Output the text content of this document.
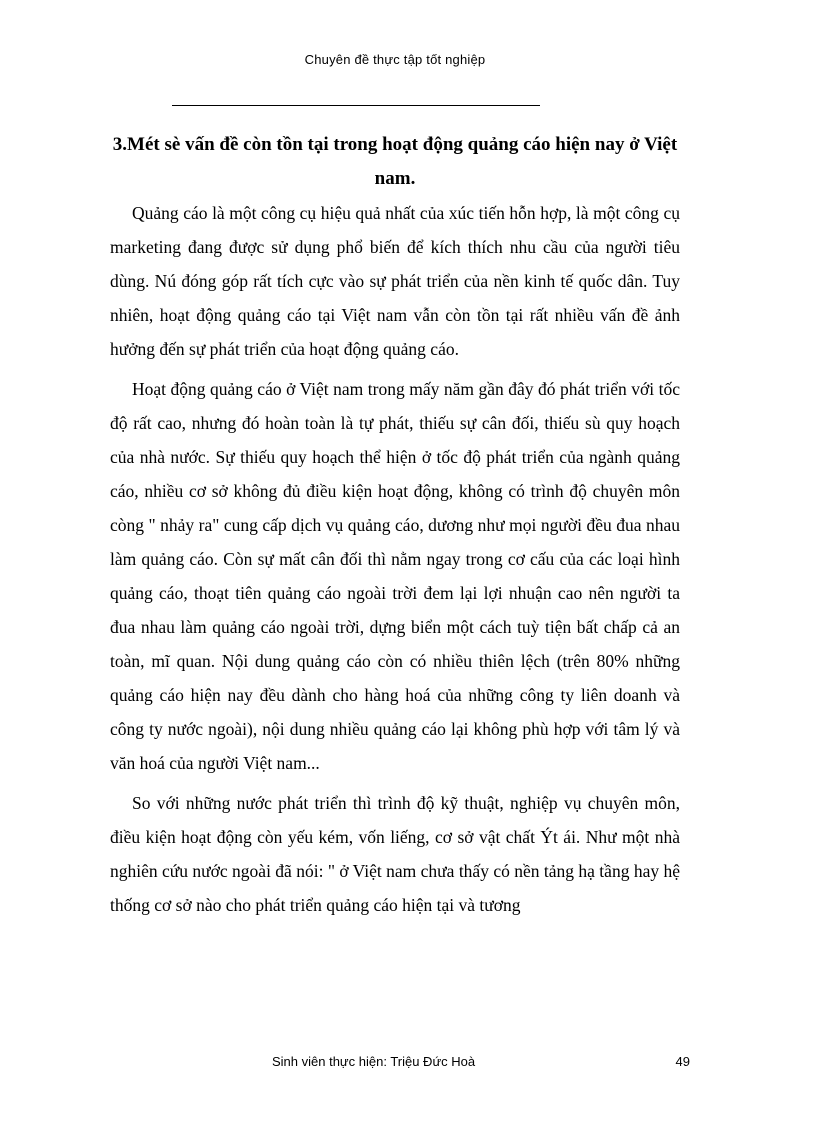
Chuyên đề thực tập tốt nghiệp
3.Mét sè vấn đề còn tồn tại trong hoạt động quảng cáo hiện nay ở Việt nam.

Quảng cáo là một công cụ hiệu quả nhất của xúc tiến hỗn hợp, là một công cụ marketing đang được sử dụng phổ biến để kích thích nhu cầu của người tiêu dùng. Nú đóng góp rất tích cực vào sự phát triển của nền kinh tế quốc dân. Tuy nhiên, hoạt động quảng cáo tại Việt nam vẫn còn tồn tại rất nhiều vấn đề ảnh hưởng đến sự phát triển của hoạt động quảng cáo.

Hoạt động quảng cáo ở Việt nam trong mấy năm gần đây đó phát triển với tốc độ rất cao, nhưng đó hoàn toàn là tự phát, thiếu sự cân đối, thiếu sù quy hoạch của nhà nước. Sự thiếu quy hoạch thể hiện ở tốc độ phát triển của ngành quảng cáo, nhiều cơ sở không đủ điều kiện hoạt động, không có trình độ chuyên môn còng " nhảy ra" cung cấp dịch vụ quảng cáo, dương như mọi người đều đua nhau làm quảng cáo. Còn sự mất cân đối thì nằm ngay trong cơ cấu của các loại hình quảng cáo, thoạt tiên quảng cáo ngoài trời đem lại lợi nhuận cao nên người ta đua nhau làm quảng cáo ngoài trời, dựng biển một cách tuỳ tiện bất chấp cả an toàn, mĩ quan. Nội dung quảng cáo còn có nhiều thiên lệch (trên 80% những quảng cáo hiện nay đều dành cho hàng hoá của những công ty liên doanh và công ty nước ngoài), nội dung nhiều quảng cáo lại không phù hợp với tâm lý và văn hoá của người Việt nam...

So với những nước phát triển thì trình độ kỹ thuật, nghiệp vụ chuyên môn, điều kiện hoạt động còn yếu kém, vốn liếng, cơ sở vật chất Ýt ái. Như một nhà nghiên cứu nước ngoài đã nói: " ở Việt nam chưa thấy có nền tảng hạ tầng hay hệ thống cơ sở nào cho phát triển quảng cáo hiện tại và tương

Sinh viên thực hiện: Triệu Đức Hoà	49
